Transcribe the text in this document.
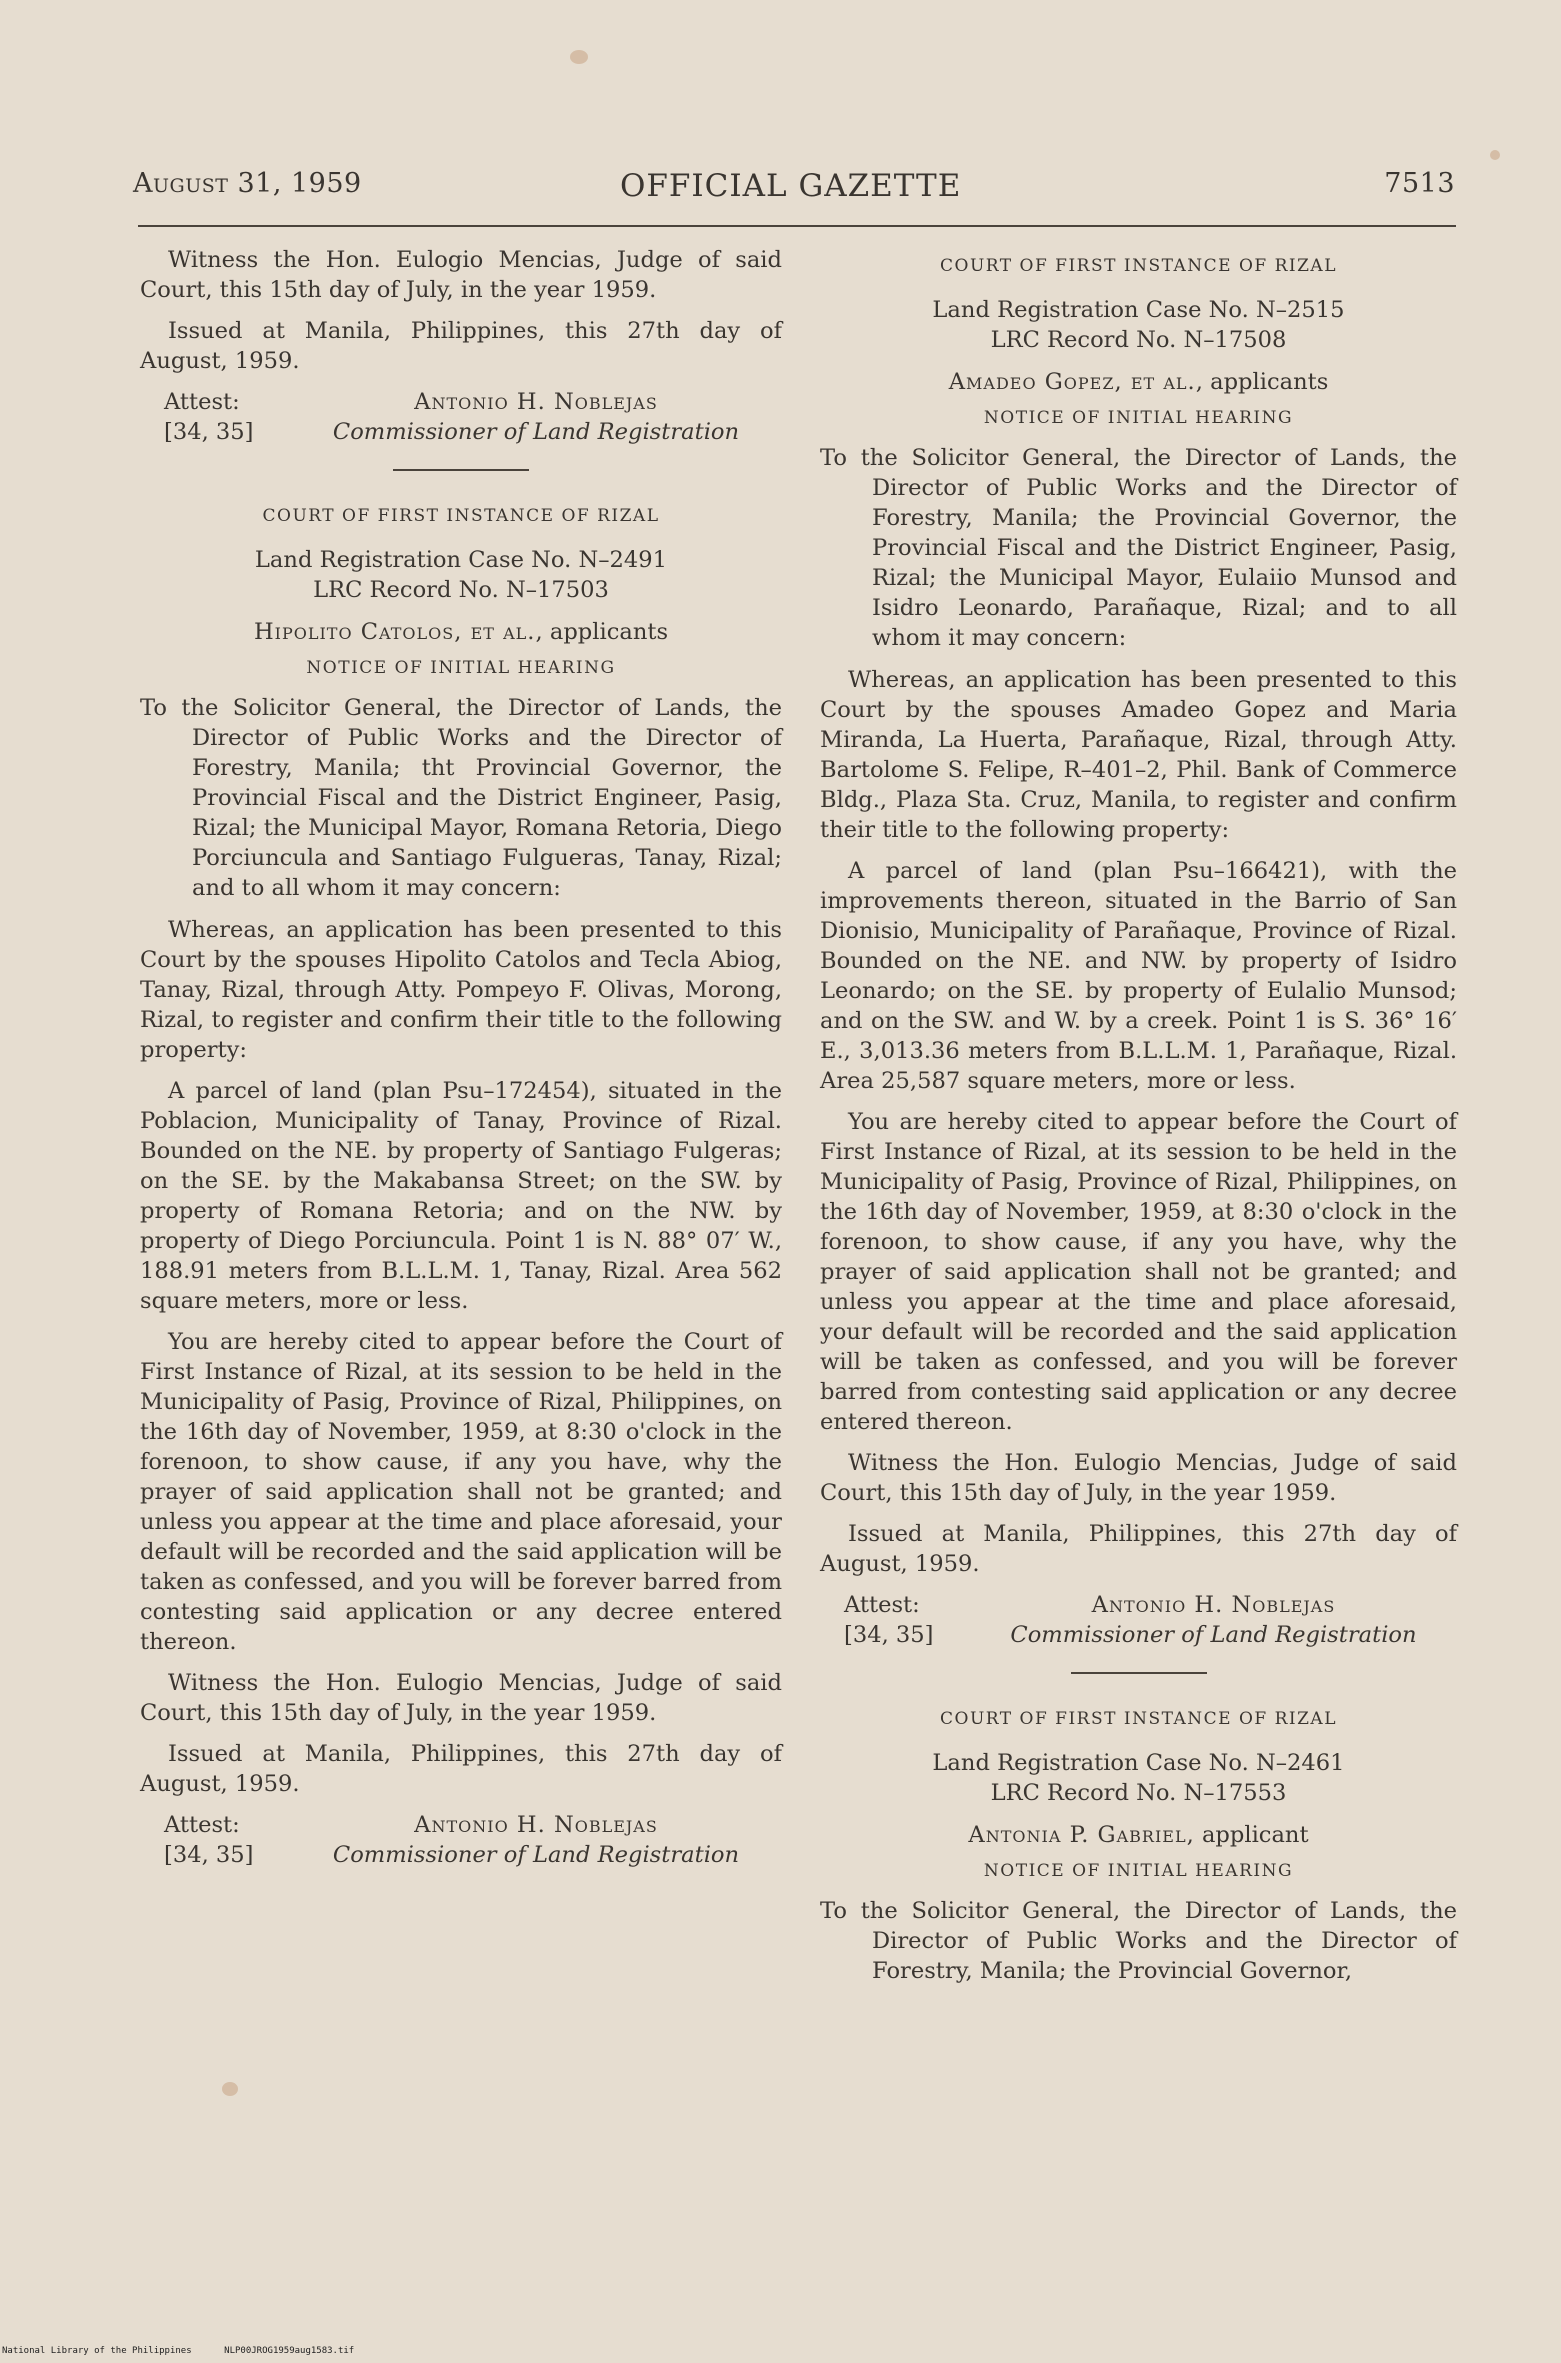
August 31, 1959	OFFICIAL GAZETTE	7513

Witness the Hon. Eulogio Mencias, Judge of said Court, this 15th day of July, in the year 1959.

Issued at Manila, Philippines, this 27th day of August, 1959.

Attest:	Antonio H. Noblejas
[34, 35]	Commissioner of Land Registration
COURT OF FIRST INSTANCE OF RIZAL

Land Registration Case No. N–2491

LRC Record No. N–17503

Hipolito Catolos, et al., applicants

NOTICE OF INITIAL HEARING

To the Solicitor General, the Director of Lands, the Director of Public Works and the Director of Forestry, Manila; tht Provincial Governor, the Provincial Fiscal and the District Engineer, Pasig, Rizal; the Municipal Mayor, Romana Retoria, Diego Porciuncula and Santiago Fulgueras, Tanay, Rizal; and to all whom it may concern:

Whereas, an application has been presented to this Court by the spouses Hipolito Catolos and Tecla Abiog, Tanay, Rizal, through Atty. Pompeyo F. Olivas, Morong, Rizal, to register and confirm their title to the following property:

A parcel of land (plan Psu–172454), situated in the Poblacion, Municipality of Tanay, Province of Rizal. Bounded on the NE. by property of Santiago Fulgeras; on the SE. by the Makabansa Street; on the SW. by property of Romana Retoria; and on the NW. by property of Diego Porciuncula. Point 1 is N. 88° 07′ W., 188.91 meters from B.L.L.M. 1, Tanay, Rizal. Area 562 square meters, more or less.

You are hereby cited to appear before the Court of First Instance of Rizal, at its session to be held in the Municipality of Pasig, Province of Rizal, Philippines, on the 16th day of November, 1959, at 8:30 o'clock in the forenoon, to show cause, if any you have, why the prayer of said application shall not be granted; and unless you appear at the time and place aforesaid, your default will be recorded and the said application will be taken as confessed, and you will be forever barred from contesting said application or any decree entered thereon.

Witness the Hon. Eulogio Mencias, Judge of said Court, this 15th day of July, in the year 1959.

Issued at Manila, Philippines, this 27th day of August, 1959.

Attest:	Antonio H. Noblejas
[34, 35]	Commissioner of Land Registration
COURT OF FIRST INSTANCE OF RIZAL

Land Registration Case No. N–2515

LRC Record No. N–17508

Amadeo Gopez, et al., applicants

NOTICE OF INITIAL HEARING

To the Solicitor General, the Director of Lands, the Director of Public Works and the Director of Forestry, Manila; the Provincial Governor, the Provincial Fiscal and the District Engineer, Pasig, Rizal; the Municipal Mayor, Eulaiio Munsod and Isidro Leonardo, Parañaque, Rizal; and to all whom it may concern:

Whereas, an application has been presented to this Court by the spouses Amadeo Gopez and Maria Miranda, La Huerta, Parañaque, Rizal, through Atty. Bartolome S. Felipe, R–401–2, Phil. Bank of Commerce Bldg., Plaza Sta. Cruz, Manila, to register and confirm their title to the following property:

A parcel of land (plan Psu–166421), with the improvements thereon, situated in the Barrio of San Dionisio, Municipality of Parañaque, Province of Rizal. Bounded on the NE. and NW. by property of Isidro Leonardo; on the SE. by property of Eulalio Munsod; and on the SW. and W. by a creek. Point 1 is S. 36° 16′ E., 3,013.36 meters from B.L.L.M. 1, Parañaque, Rizal. Area 25,587 square meters, more or less.

You are hereby cited to appear before the Court of First Instance of Rizal, at its session to be held in the Municipality of Pasig, Province of Rizal, Philippines, on the 16th day of November, 1959, at 8:30 o'clock in the forenoon, to show cause, if any you have, why the prayer of said application shall not be granted; and unless you appear at the time and place aforesaid, your default will be recorded and the said application will be taken as confessed, and you will be forever barred from contesting said application or any decree entered thereon.

Witness the Hon. Eulogio Mencias, Judge of said Court, this 15th day of July, in the year 1959.

Issued at Manila, Philippines, this 27th day of August, 1959.

Attest:	Antonio H. Noblejas
[34, 35]	Commissioner of Land Registration
COURT OF FIRST INSTANCE OF RIZAL

Land Registration Case No. N–2461

LRC Record No. N–17553

Antonia P. Gabriel, applicant

NOTICE OF INITIAL HEARING

To the Solicitor General, the Director of Lands, the Director of Public Works and the Director of Forestry, Manila; the Provincial Governor,

National Library of the Philippines	NLP00JROG1959aug1583.tif
